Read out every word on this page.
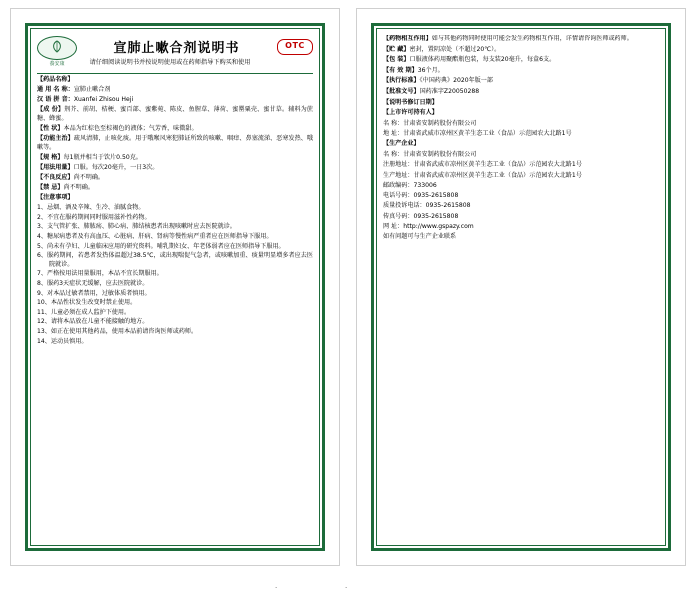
養安康
宣肺止嗽合剂说明书
请仔细阅读说明书并按说明使用或在药师指导下购买和使用
OTC
【药品名称】
通 用 名 称：宣肺止嗽合剂
汉 语 拼 音：Xuanfei Zhisou Heji
【成 份】荆芥、前胡、桔梗、蜜百部、蜜紫菀、陈皮、鱼腥草、薄荷、蜜罂粟壳、蜜甘草。辅料为蔗糖、蜂蜜。
【性 状】本品为红棕色至棕褐色的液体；气芳香，味微甜。
【功能主治】疏风清肺，止咳化痰。用于哦喉风寒犯肺证所致的咳嗽、咽痒、鼻塞流涕、恶寒发热、哦嗽等。
【规 格】每1瓶并相当于饮片0.50克。
【用法用量】口服。每次20毫升，一日3次。
【不良反应】尚不明确。
【禁 忌】尚不明确。
【注意事项】
1、忌烟、酒及辛辣、生冷、油腻食物。
2、不宜在服药期间同时服用滋补性药物。
3、支气管扩张、肺脓疡、肺心病、肺结核患者出现咳嗽时应去医院就诊。
4、糖尿病患者及有高血压、心脏病、肝病、肾病等慢性病严重者应在医师指导下服用。
5、尚未有孕妇、儿童临床应用的研究资料。哺乳期妇女、年老体弱者应在医师指导下服用。
6、服药期间，若患者发热体温超过38.5℃，或出现喘促气急者，或咳嗽加重、痰量明显增多者应去医院就诊。
7、严格按用法用量服用，本品不宜长期服用。
8、服药3天症状无缓解，应去医院就诊。
9、对本品过敏者禁用，过敏体质者慎用。
10、本品性状发生改变时禁止使用。
11、儿童必须在成人监护下使用。
12、请将本品放在儿童不能接触的地方。
13、如正在使用其他药品，使用本品前请咨询医师或药师。
14、运动员慎用。
【药物相互作用】如与其他药物同时使用可能会发生药物相互作用，详情请咨询医师或药师。
【贮 藏】密封，置阴凉处（不超过20℃）。
【包 装】口服液体药用聚酯瓶包装，每支装20毫升，每盒6支。
【有 效 期】36个月。
【执行标准】《中国药典》2020年版一部
【批准文号】国药准字Z20050288
【说明书修订日期】
【上市许可持有人】
名 称：甘肃省安制药股份有限公司
地 址：甘肃省武威市凉州区黄羊生态工业（食品）示范园农大北路1号
【生产企业】
名 称：甘肃省安制药股份有限公司
注册地址：甘肃省武威市凉州区黄羊生态工业（食品）示范园农大北路1号
生产地址：甘肃省武威市凉州区黄羊生态工业（食品）示范园农大北路1号
邮政编码：733006
电话号码：0935-2615808
质量投诉电话：0935-2615808
传真号码：0935-2615808
网 址：http://www.gspazy.com
如有问题可与生产企业联系
·	·
